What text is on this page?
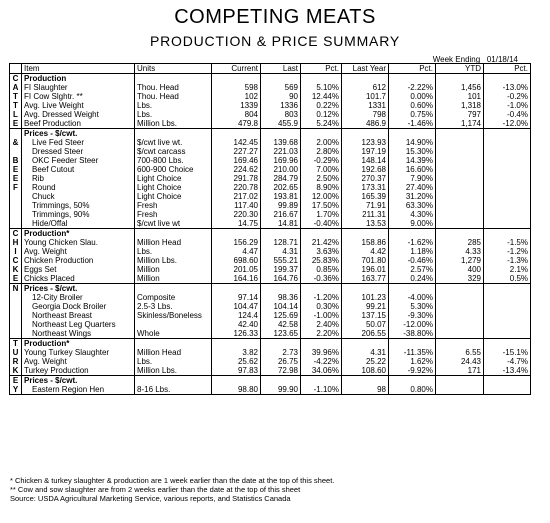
COMPETING MEATS
PRODUCTION & PRICE SUMMARY
Week Ending 01/18/14
	Item	Units	Current	Last	Pct.	Last Year	Pct.	YTD	Pct.
C	Production								
A	FI Slaughter	Thou. Head	598	569	5.10%	612	-2.22%	1,456	-13.0%
T	FI Cow Slghtr. **	Thou. Head	102	90	12.44%	101.7	0.00%	101	-0.2%
T	Avg. Live Weight	Lbs.	1339	1336	0.22%	1331	0.60%	1,318	-1.0%
L	Avg. Dressed Weight	Lbs.	804	803	0.12%	798	0.75%	797	-0.4%
E	Beef Production	Million Lbs.	479.8	455.9	5.24%	486.9	-1.46%	1,174	-12.0%
	Prices - $/cwt.								
&	Live Fed Steer	$/cwt live wt.	142.45	139.68	2.00%	123.93	14.90%		
	Dressed Steer	$/cwt carcass	227.27	221.03	2.80%	197.19	15.30%		
B	OKC Feeder Steer	700-800 Lbs.	169.46	169.96	-0.29%	148.14	14.39%		
E	Beef Cutout	600-900 Choice	224.62	210.00	7.00%	192.68	16.60%		
E	Rib	Light Choice	291.78	284.79	2.50%	270.37	7.90%		
F	Round	Light Choice	220.78	202.65	8.90%	173.31	27.40%		
	Chuck	Light Choice	217.02	193.81	12.00%	165.39	31.20%		
	Trimmings, 50%	Fresh	117.40	99.89	17.50%	71.91	63.30%		
	Trimmings, 90%	Fresh	220.30	216.67	1.70%	211.31	4.30%		
	Hide/Offal	$/cwt live wt	14.75	14.81	-0.40%	13.53	9.00%		
C	Production*								
H	Young Chicken Slau.	Million Head	156.29	128.71	21.42%	158.86	-1.62%	285	-1.5%
I	Avg. Weight	Lbs.	4.47	4.31	3.63%	4.42	1.18%	4.33	-1.2%
C	Chicken Production	Million Lbs.	698.60	555.21	25.83%	701.80	-0.46%	1,279	-1.3%
K	Eggs Set	Million	201.05	199.37	0.85%	196.01	2.57%	400	2.1%
E	Chicks Placed	Million	164.16	164.76	-0.36%	163.77	0.24%	329	0.5%
N	Prices - $/cwt.								
	12-City Broiler	Composite	97.14	98.36	-1.20%	101.23	-4.00%		
	Georgia Dock Broiler	2.5-3 Lbs.	104.47	104.14	0.30%	99.21	5.30%		
	Northeast Breast	Skinless/Boneless	124.4	125.69	-1.00%	137.15	-9.30%		
	Northeast Leg Quarters		42.40	42.58	2.40%	50.07	-12.00%		
	Northeast Wings	Whole	126.33	123.65	2.20%	206.55	-38.80%		
T	Production*								
U	Young Turkey Slaughter	Million Head	3.82	2.73	39.96%	4.31	-11.35%	6.55	-15.1%
R	Avg. Weight	Lbs.	25.62	26.75	-4.22%	25.22	1.62%	24.43	-4.7%
K	Turkey Production	Million Lbs.	97.83	72.98	34.06%	108.60	-9.92%	171	-13.4%
E	Prices - $/cwt.								
Y	Eastern Region Hen	8-16 Lbs.	98.80	99.90	-1.10%	98	0.80%		
* Chicken & turkey slaughter & production are 1 week earlier than the date at the top of this sheet.
** Cow and sow slaughter are from 2 weeks earlier than the date at the top of this sheet
Source: USDA Agricultural Marketing Service, various reports, and Statistics Canada
